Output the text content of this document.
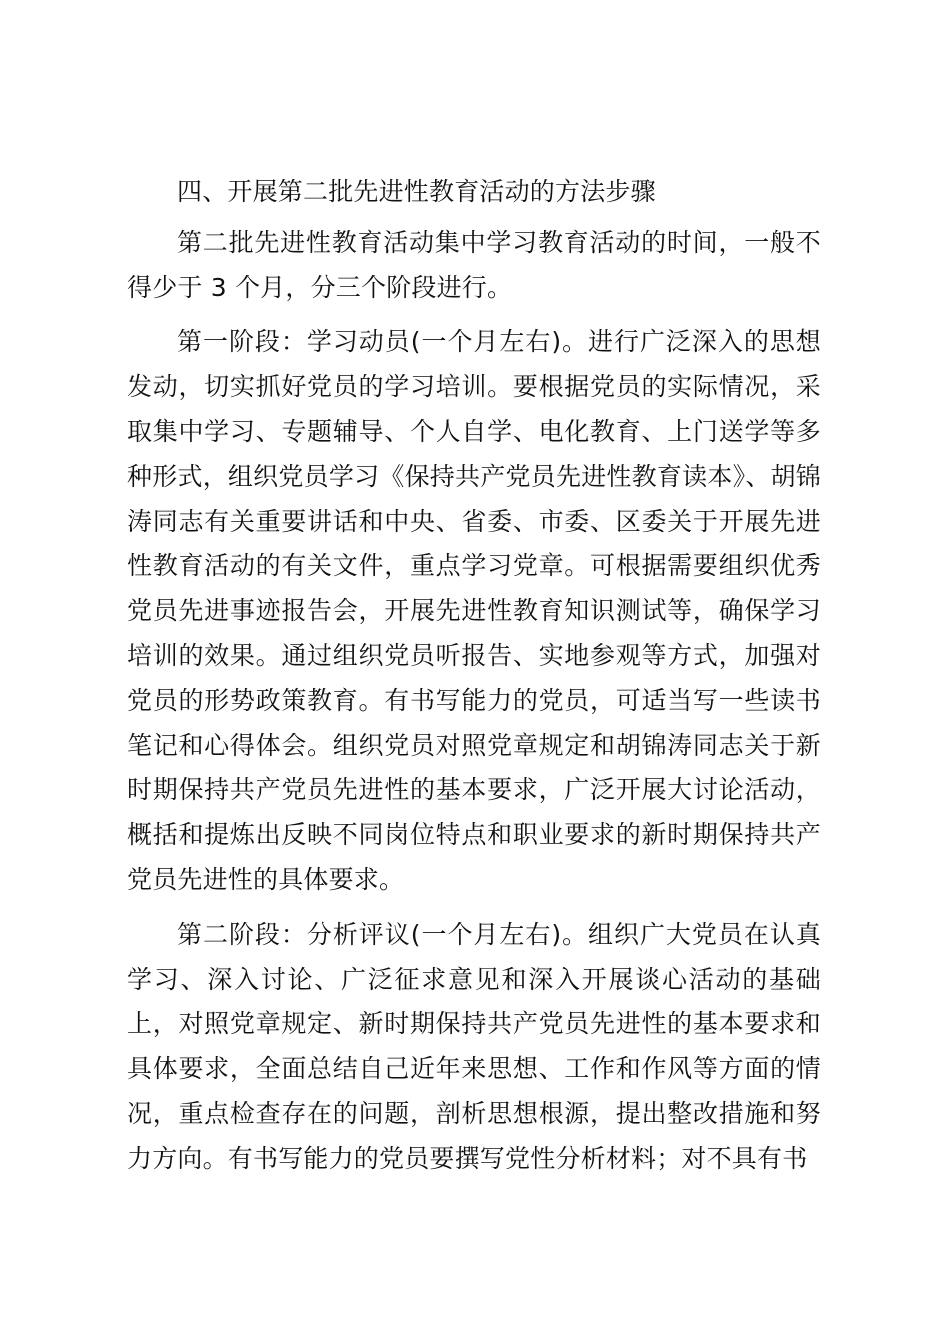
四、开展第二批先进性教育活动的方法步骤

第二批先进性教育活动集中学习教育活动的时间，一般不得少于 3 个月，分三个阶段进行。

第一阶段：学习动员(一个月左右)。进行广泛深入的思想发动，切实抓好党员的学习培训。要根据党员的实际情况，采取集中学习、专题辅导、个人自学、电化教育、上门送学等多种形式，组织党员学习《保持共产党员先进性教育读本》、胡锦涛同志有关重要讲话和中央、省委、市委、区委关于开展先进性教育活动的有关文件，重点学习党章。可根据需要组织优秀党员先进事迹报告会，开展先进性教育知识测试等，确保学习培训的效果。通过组织党员听报告、实地参观等方式，加强对党员的形势政策教育。有书写能力的党员，可适当写一些读书笔记和心得体会。组织党员对照党章规定和胡锦涛同志关于新时期保持共产党员先进性的基本要求，广泛开展大讨论活动，概括和提炼出反映不同岗位特点和职业要求的新时期保持共产党员先进性的具体要求。

第二阶段：分析评议(一个月左右)。组织广大党员在认真学习、深入讨论、广泛征求意见和深入开展谈心活动的基础上，对照党章规定、新时期保持共产党员先进性的基本要求和具体要求，全面总结自己近年来思想、工作和作风等方面的情况，重点检查存在的问题，剖析思想根源，提出整改措施和努力方向。有书写能力的党员要撰写党性分析材料；对不具有书
